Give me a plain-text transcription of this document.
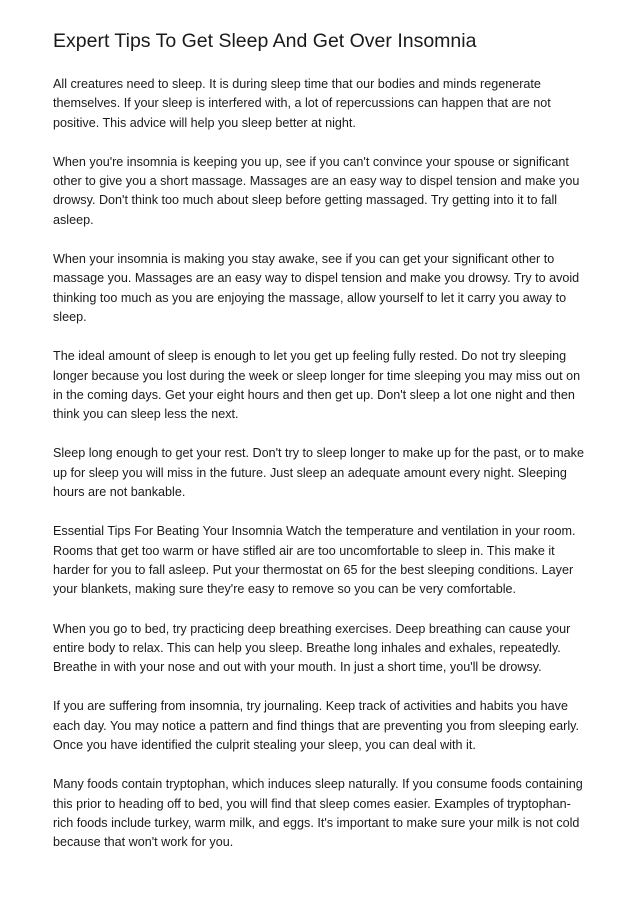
Expert Tips To Get Sleep And Get Over Insomnia

All creatures need to sleep. It is during sleep time that our bodies and minds regenerate themselves. If your sleep is interfered with, a lot of repercussions can happen that are not positive. This advice will help you sleep better at night.

When you're insomnia is keeping you up, see if you can't convince your spouse or significant other to give you a short massage. Massages are an easy way to dispel tension and make you drowsy. Don't think too much about sleep before getting massaged. Try getting into it to fall asleep.

When your insomnia is making you stay awake, see if you can get your significant other to massage you. Massages are an easy way to dispel tension and make you drowsy. Try to avoid thinking too much as you are enjoying the massage, allow yourself to let it carry you away to sleep.

The ideal amount of sleep is enough to let you get up feeling fully rested. Do not try sleeping longer because you lost during the week or sleep longer for time sleeping you may miss out on in the coming days. Get your eight hours and then get up. Don't sleep a lot one night and then think you can sleep less the next.

Sleep long enough to get your rest. Don't try to sleep longer to make up for the past, or to make up for sleep you will miss in the future. Just sleep an adequate amount every night. Sleeping hours are not bankable.

Essential Tips For Beating Your Insomnia Watch the temperature and ventilation in your room. Rooms that get too warm or have stifled air are too uncomfortable to sleep in. This make it harder for you to fall asleep. Put your thermostat on 65 for the best sleeping conditions. Layer your blankets, making sure they're easy to remove so you can be very comfortable.

When you go to bed, try practicing deep breathing exercises. Deep breathing can cause your entire body to relax. This can help you sleep. Breathe long inhales and exhales, repeatedly. Breathe in with your nose and out with your mouth. In just a short time, you'll be drowsy.

If you are suffering from insomnia, try journaling. Keep track of activities and habits you have each day. You may notice a pattern and find things that are preventing you from sleeping early. Once you have identified the culprit stealing your sleep, you can deal with it.

Many foods contain tryptophan, which induces sleep naturally. If you consume foods containing this prior to heading off to bed, you will find that sleep comes easier. Examples of tryptophan-rich foods include turkey, warm milk, and eggs. It's important to make sure your milk is not cold because that won't work for you.
